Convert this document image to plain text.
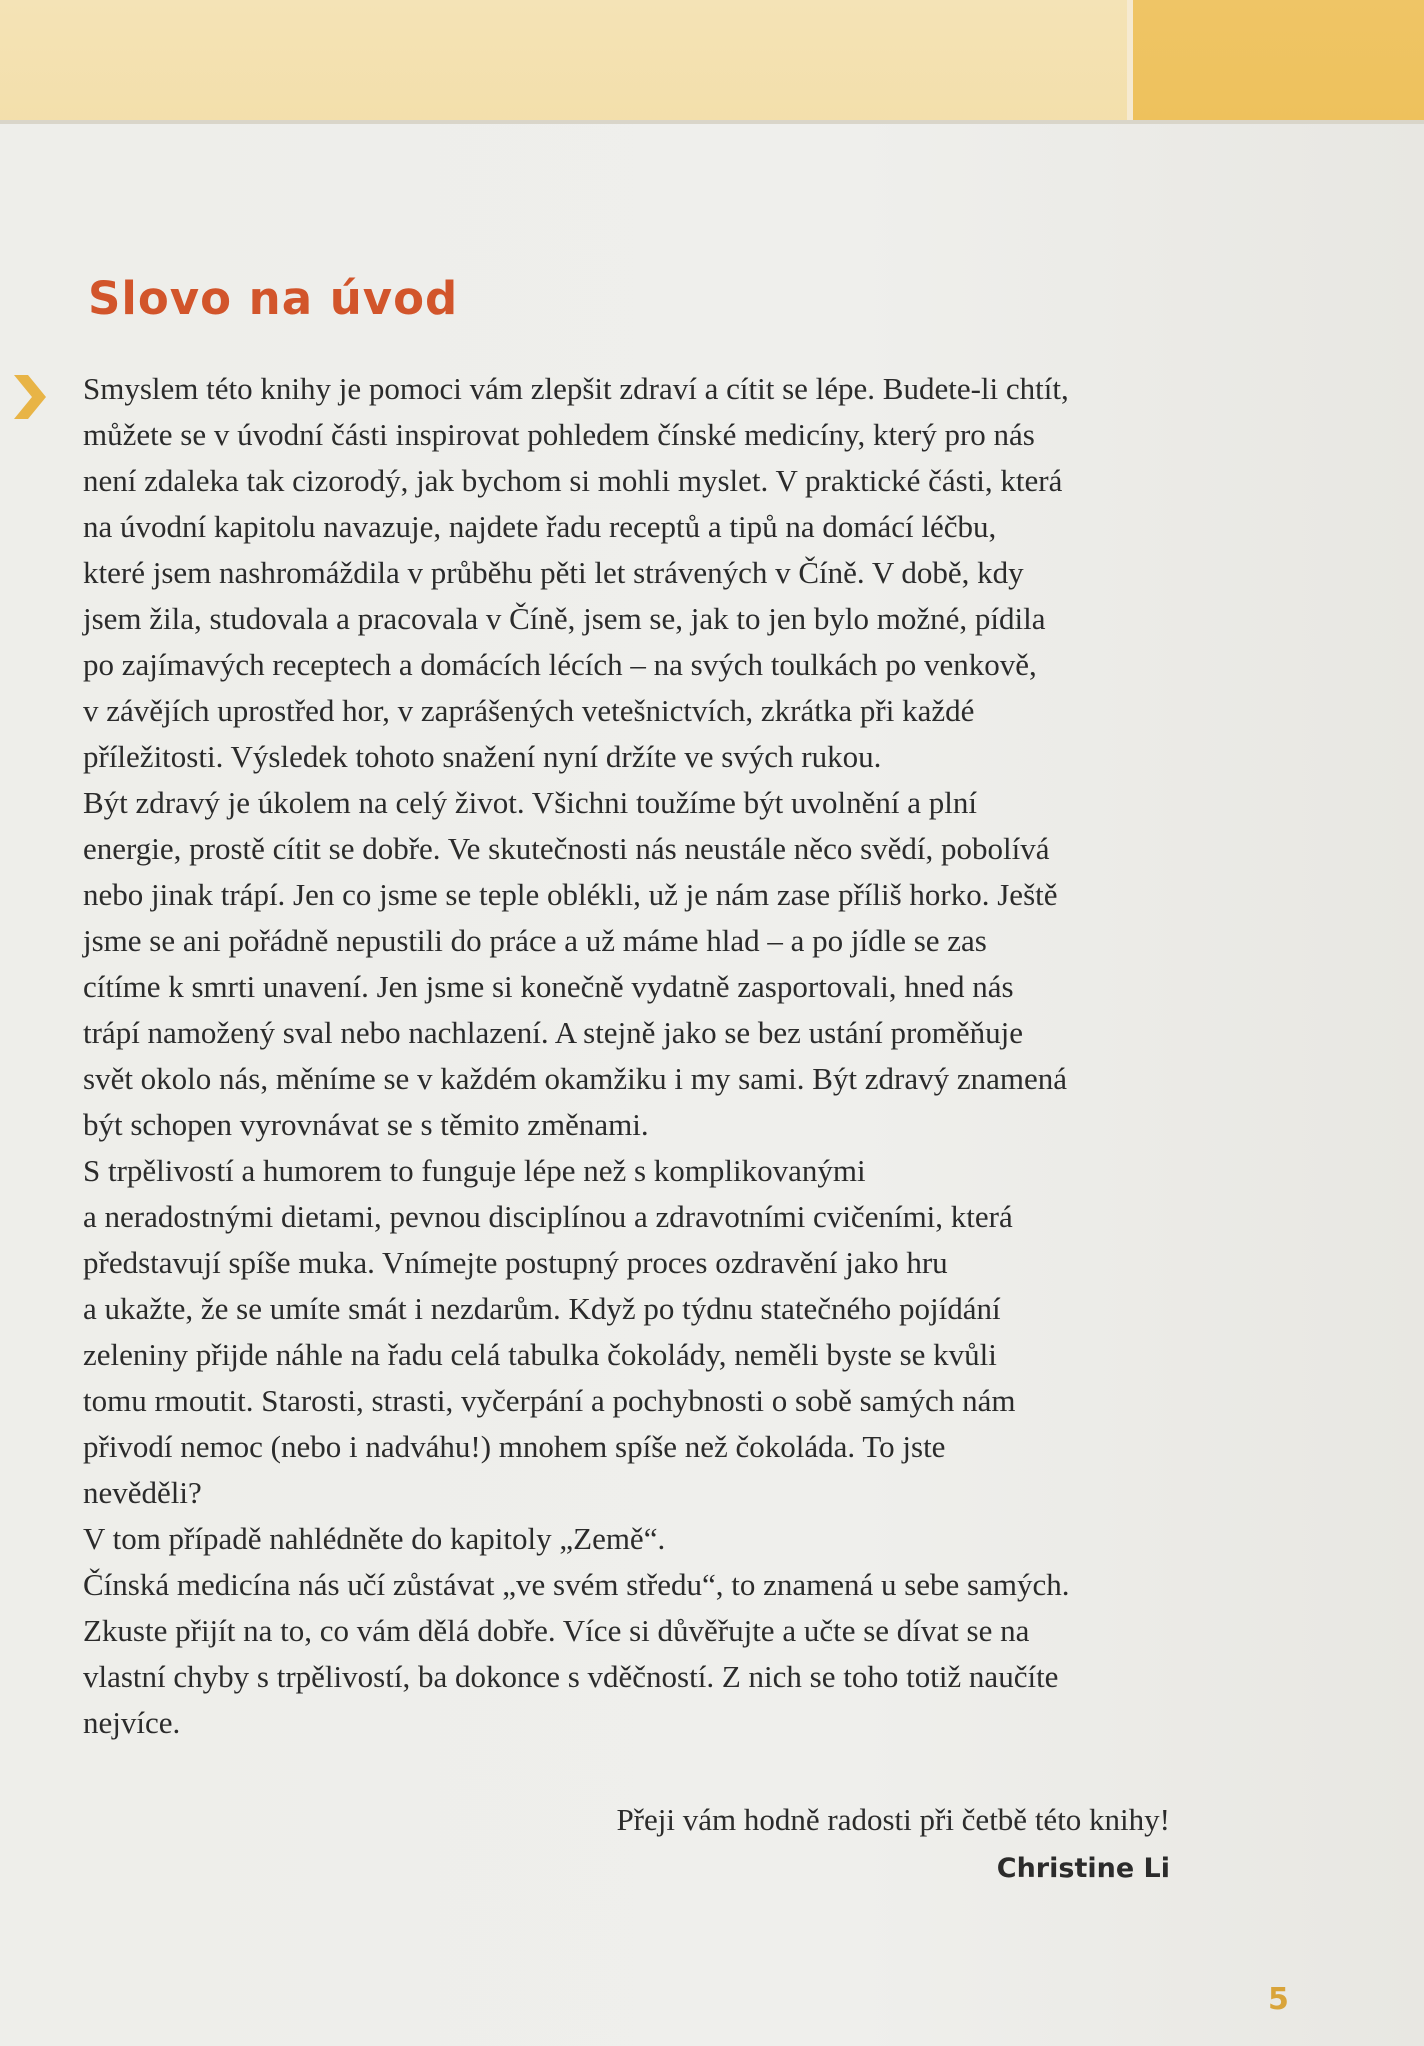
Slovo na úvod
Smyslem této knihy je pomoci vám zlepšit zdraví a cítit se lépe. Budete-li chtít,
můžete se v úvodní části inspirovat pohledem čínské medicíny, který pro nás
není zdaleka tak cizorodý, jak bychom si mohli myslet. V praktické části, která
na úvodní kapitolu navazuje, najdete řadu receptů a tipů na domácí léčbu,
které jsem nashromáždila v průběhu pěti let strávených v Číně. V době, kdy
jsem žila, studovala a pracovala v Číně, jsem se, jak to jen bylo možné, pídila
po zajímavých receptech a domácích lécích – na svých toulkách po venkově,
v závějích uprostřed hor, v zaprášených vetešnictvích, zkrátka při každé
příležitosti. Výsledek tohoto snažení nyní držíte ve svých rukou.
Být zdravý je úkolem na celý život. Všichni toužíme být uvolnění a plní
energie, prostě cítit se dobře. Ve skutečnosti nás neustále něco svědí, pobolívá
nebo jinak trápí. Jen co jsme se teple oblékli, už je nám zase příliš horko. Ještě
jsme se ani pořádně nepustili do práce a už máme hlad – a po jídle se zas
cítíme k smrti unavení. Jen jsme si konečně vydatně zasportovali, hned nás
trápí namožený sval nebo nachlazení. A stejně jako se bez ustání proměňuje
svět okolo nás, měníme se v každém okamžiku i my sami. Být zdravý znamená
být schopen vyrovnávat se s těmito změnami.
S trpělivostí a humorem to funguje lépe než s komplikovanými
a neradostnými dietami, pevnou disciplínou a zdravotními cvičeními, která
představují spíše muka. Vnímejte postupný proces ozdravění jako hru
a ukažte, že se umíte smát i nezdarům. Když po týdnu statečného pojídání
zeleniny přijde náhle na řadu celá tabulka čokolády, neměli byste se kvůli
tomu rmoutit. Starosti, strasti, vyčerpání a pochybnosti o sobě samých nám
přivodí nemoc (nebo i nadváhu!) mnohem spíše než čokoláda. To jste
nevěděli?
V tom případě nahlédněte do kapitoly „Země“.
Čínská medicína nás učí zůstávat „ve svém středu“, to znamená u sebe samých.
Zkuste přijít na to, co vám dělá dobře. Více si důvěřujte a učte se dívat se na
vlastní chyby s trpělivostí, ba dokonce s vděčností. Z nich se toho totiž naučíte
nejvíce.
Přeji vám hodně radosti při četbě této knihy!
Christine Li
5
